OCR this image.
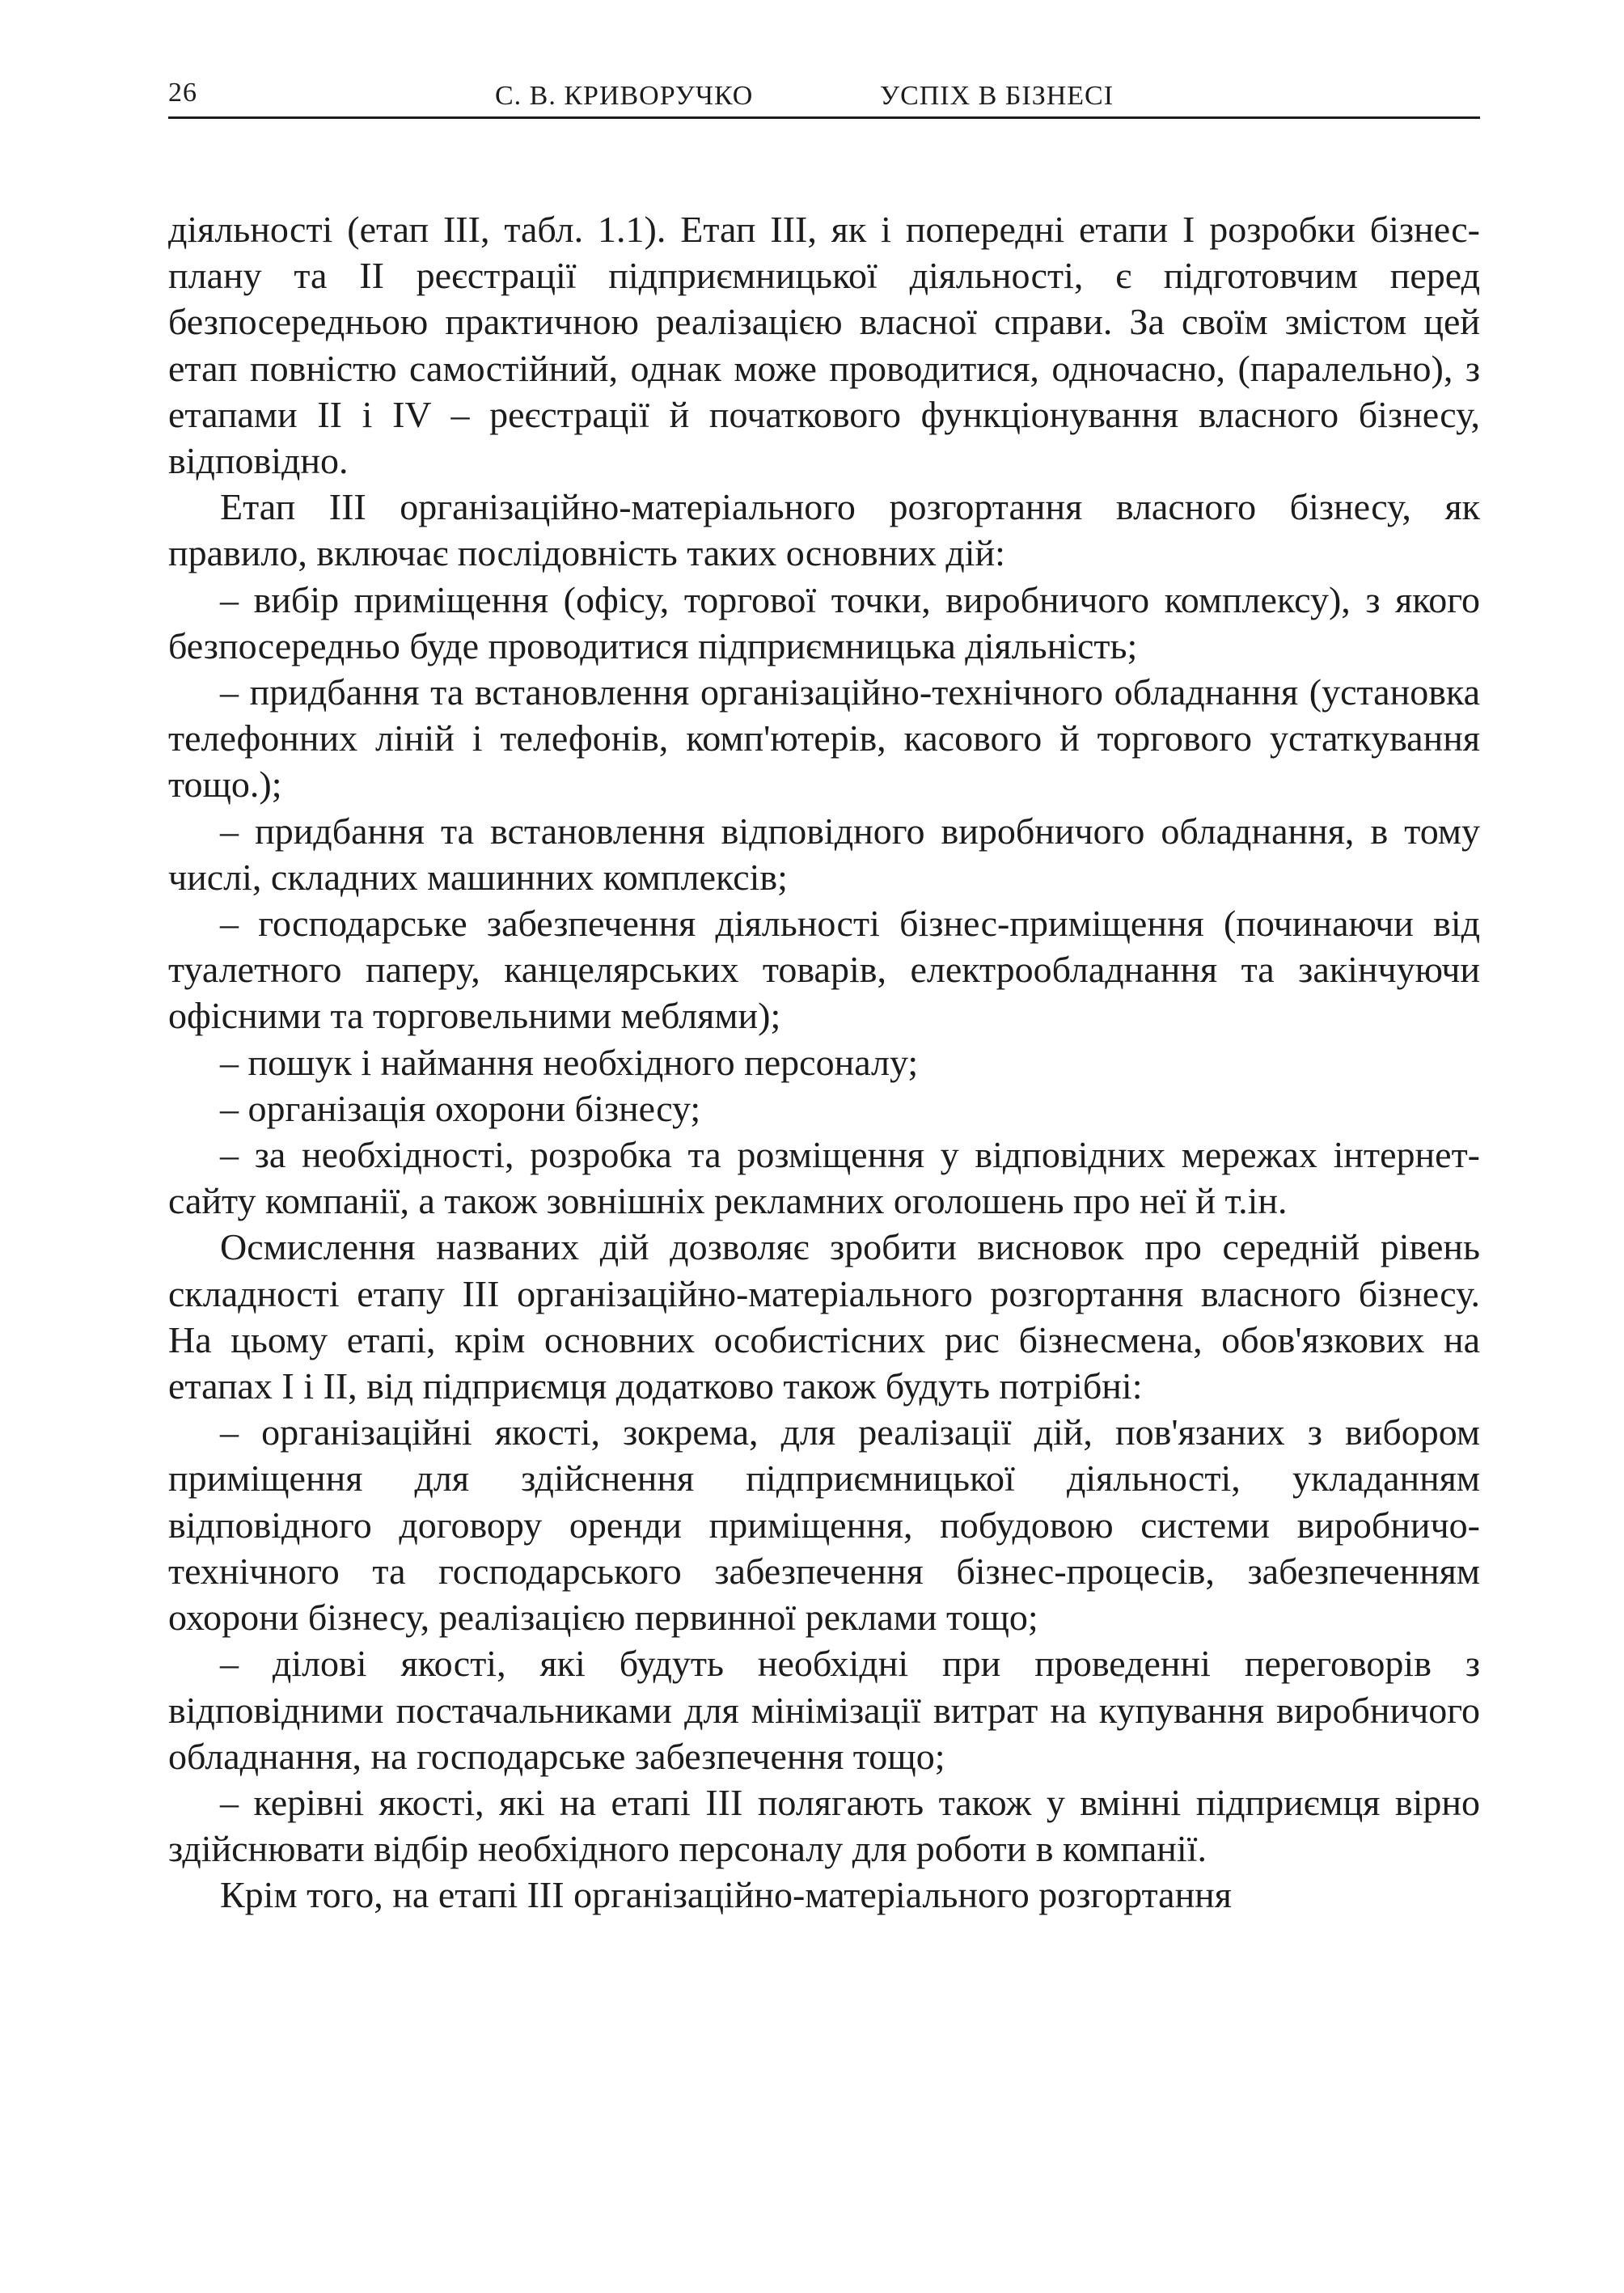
26	С. В. КРИВОРУЧКО	УСПІХ В БІЗНЕСІ

діяльності (етап ІІІ, табл. 1.1). Етап ІІІ, як і попередні етапи І розробки бізнес-плану та ІІ реєстрації підприємницької діяльності, є підготовчим перед безпосередньою практичною реалізацією власної справи. За своїм змістом цей етап повністю самостійний, однак може проводитися, одночасно, (паралельно), з етапами ІІ і IV – реєстрації й початкового функціонування власного бізнесу, відповідно.

Етап ІІІ організаційно-матеріального розгортання власного бізнесу, як правило, включає послідовність таких основних дій:

– вибір приміщення (офісу, торгової точки, виробничого комплексу), з якого безпосередньо буде проводитися підприємницька діяльність;

– придбання та встановлення організаційно-технічного обладнання (установка телефонних ліній і телефонів, комп'ютерів, касового й торгового устаткування тощо.);

– придбання та встановлення відповідного виробничого обладнання, в тому числі, складних машинних комплексів;

– господарське забезпечення діяльності бізнес-приміщення (починаючи від туалетного паперу, канцелярських товарів, електрообладнання та закінчуючи офісними та торговельними меблями);

– пошук і наймання необхідного персоналу;

– організація охорони бізнесу;

– за необхідності, розробка та розміщення у відповідних мережах інтернет-сайту компанії, а також зовнішніх рекламних оголошень про неї й т.ін.

Осмислення названих дій дозволяє зробити висновок про середній рівень складності етапу ІІІ організаційно-матеріального розгортання власного бізнесу. На цьому етапі, крім основних особистісних рис бізнесмена, обов'язкових на етапах І і ІІ, від підприємця додатково також будуть потрібні:

– організаційні якості, зокрема, для реалізації дій, пов'язаних з вибором приміщення для здійснення підприємницької діяльності, укладанням відповідного договору оренди приміщення, побудовою системи виробничо-технічного та господарського забезпечення бізнес-процесів, забезпеченням охорони бізнесу, реалізацією первинної реклами тощо;

– ділові якості, які будуть необхідні при проведенні переговорів з відповідними постачальниками для мінімізації витрат на купування виробничого обладнання, на господарське забезпечення тощо;

– керівні якості, які на етапі ІІІ полягають також у вмінні підприємця вірно здійснювати відбір необхідного персоналу для роботи в компанії.

Крім того, на етапі ІІІ організаційно-матеріального розгортання
